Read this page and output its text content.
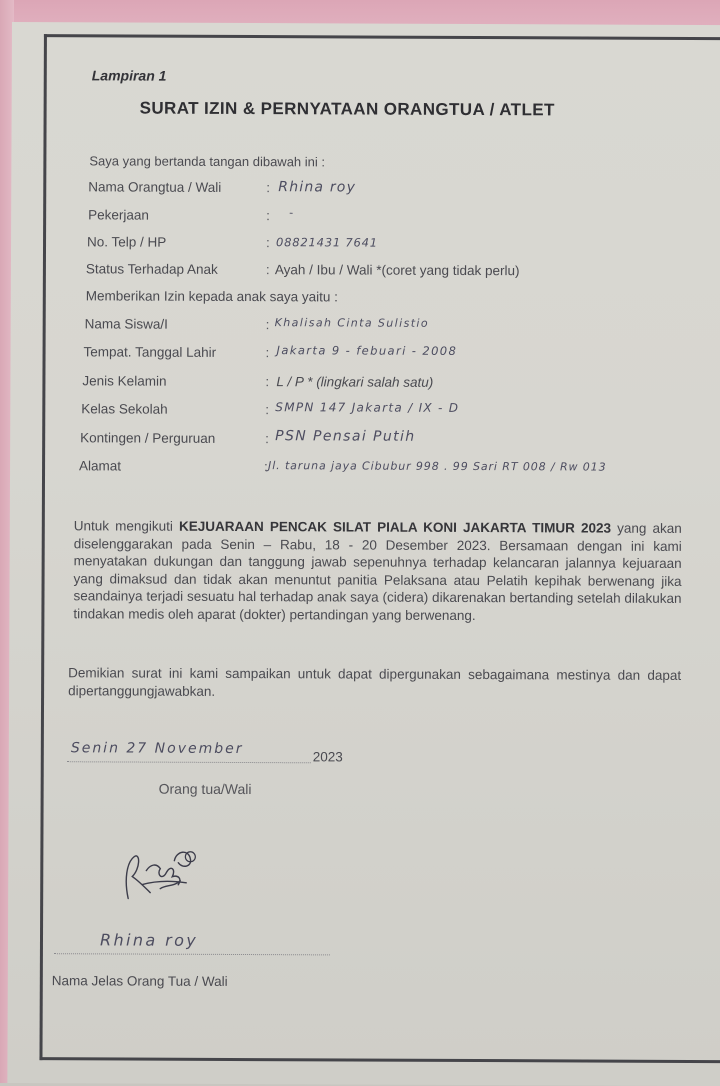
Lampiran 1
SURAT IZIN & PERNYATAAN ORANGTUA / ATLET
Saya yang bertanda tangan dibawah ini :
Nama Orangtua / Wali	: Rhina roy
Pekerjaan	: -
No. Telp / HP	: 08821431 7641
Status Terhadap Anak	: Ayah / Ibu / Wali *(coret yang tidak perlu)
Memberikan Izin kepada anak saya yaitu :
Nama Siswa/I	: Khalisah Cinta Sulistio
Tempat. Tanggal Lahir	: Jakarta 9 - febuari - 2008
Jenis Kelamin	: L / P * (lingkari salah satu)
Kelas Sekolah	: SMPN 147 Jakarta / IX - D
Kontingen / Perguruan	: PSN Pensai Putih
Alamat	: Jl. taruna jaya Cibubur 998 . 99 Sari RT 008 / Rw 013
Untuk mengikuti KEJUARAAN PENCAK SILAT PIALA KONI JAKARTA TIMUR 2023 yang akan diselenggarakan pada Senin – Rabu, 18 - 20 Desember 2023. Bersamaan dengan ini kami menyatakan dukungan dan tanggung jawab sepenuhnya terhadap kelancaran jalannya kejuaraan yang dimaksud dan tidak akan menuntut panitia Pelaksana atau Pelatih kepihak berwenang jika seandainya terjadi sesuatu hal terhadap anak saya (cidera) dikarenakan bertanding setelah dilakukan tindakan medis oleh aparat (dokter) pertandingan yang berwenang.
Demikian surat ini kami sampaikan untuk dapat dipergunakan sebagaimana mestinya dan dapat dipertanggungjawabkan.
Senin 27 November	2023
Orang tua/Wali
Rhina roy
Nama Jelas Orang Tua / Wali
